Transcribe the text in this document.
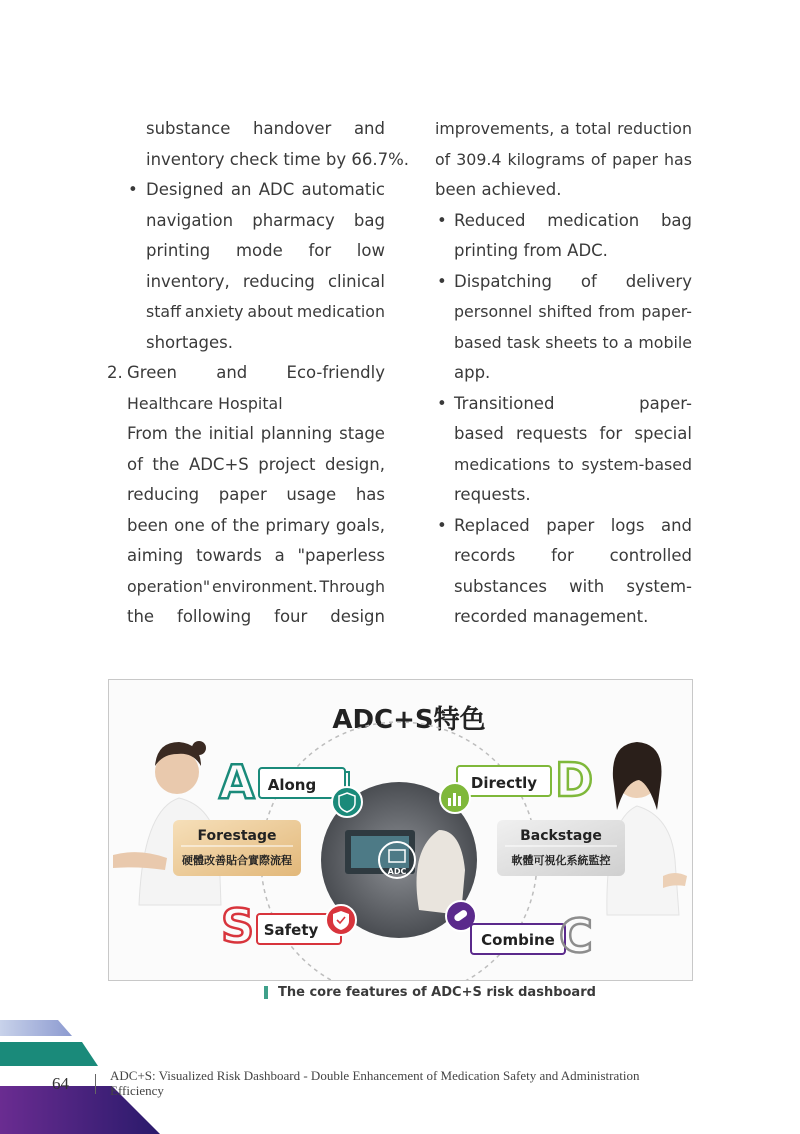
substance handover and
inventory check time by 66.7%.
• Designed an ADC automatic
navigation pharmacy bag
printing mode for low
inventory, reducing clinical
staff anxiety about medication
shortages.
2. Green and Eco-friendly
Healthcare Hospital
From the initial planning stage
of the ADC+S project design,
reducing paper usage has
been one of the primary goals,
aiming towards a "paperless
operation" environment. Through
the following four design
improvements, a total reduction
of 309.4 kilograms of paper has
been achieved.
• Reduced medication bag
printing from ADC.
• Dispatching of delivery
personnel shifted from paper-
based task sheets to a mobile
app.
• Transitioned	paper-
based requests for special
medications to system-based
requests.
• Replaced paper logs and
records for controlled
substances with system-
recorded management.
ADC+S特色
ADC
A Along	Directly D
Forestage
硬體改善貼合實際流程
Backstage
軟體可視化系統監控
S Safety
Combine C
The core features of ADC+S risk dashboard
64	ADC+S: Visualized Risk Dashboard - Double Enhancement of Medication Safety and Administration Efficiency
